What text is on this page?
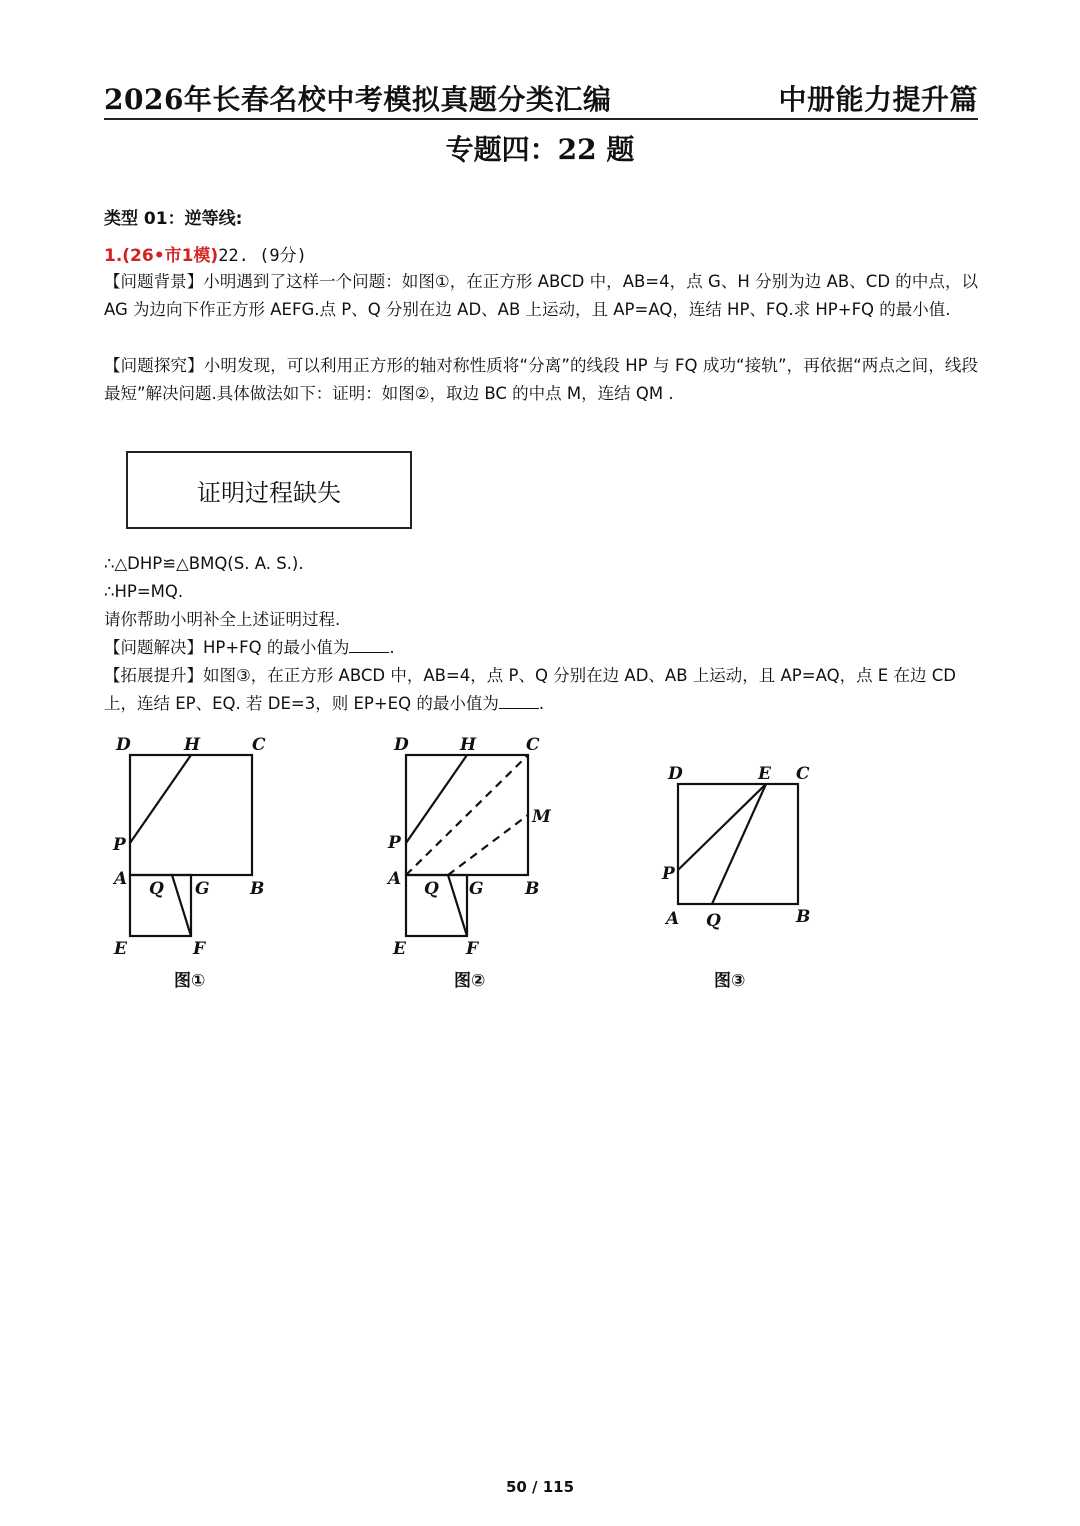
2026年长春名校中考模拟真题分类汇编	中册能力提升篇
专题四：22 题
类型 01：逆等线:
1.(26•市1模)22. (9分)
【问题背景】小明遇到了这样一个问题：如图①，在正方形 ABCD 中，AB=4，点 G、H 分别为边 AB、CD 的中点，以 AG 为边向下作正方形 AEFG.点 P、Q 分别在边 AD、AB 上运动，且 AP=AQ，连结 HP、FQ.求 HP+FQ 的最小值.
【问题探究】小明发现，可以利用正方形的轴对称性质将“分离”的线段 HP 与 FQ 成功“接轨”，再依据“两点之间，线段最短”解决问题.具体做法如下：证明：如图②，取边 BC 的中点 M，连结 QM .
证明过程缺失
∴△DHP≌△BMQ(S. A. S.).
∴HP=MQ.
请你帮助小明补全上述证明过程.
【问题解决】HP+FQ 的最小值为 .
【拓展提升】如图③，在正方形 ABCD 中，AB=4，点 P、Q 分别在边 AD、AB 上运动，且 AP=AQ，点 E 在边 CD
上，连结 EP、EQ. 若 DE=3，则 EP+EQ 的最小值为 .
D	H	C
P
A Q G B
E	F
D	H	C
M
P
A Q G B
E	F
D	E C
P
A Q	B
图①	图②	图③
50 / 115
